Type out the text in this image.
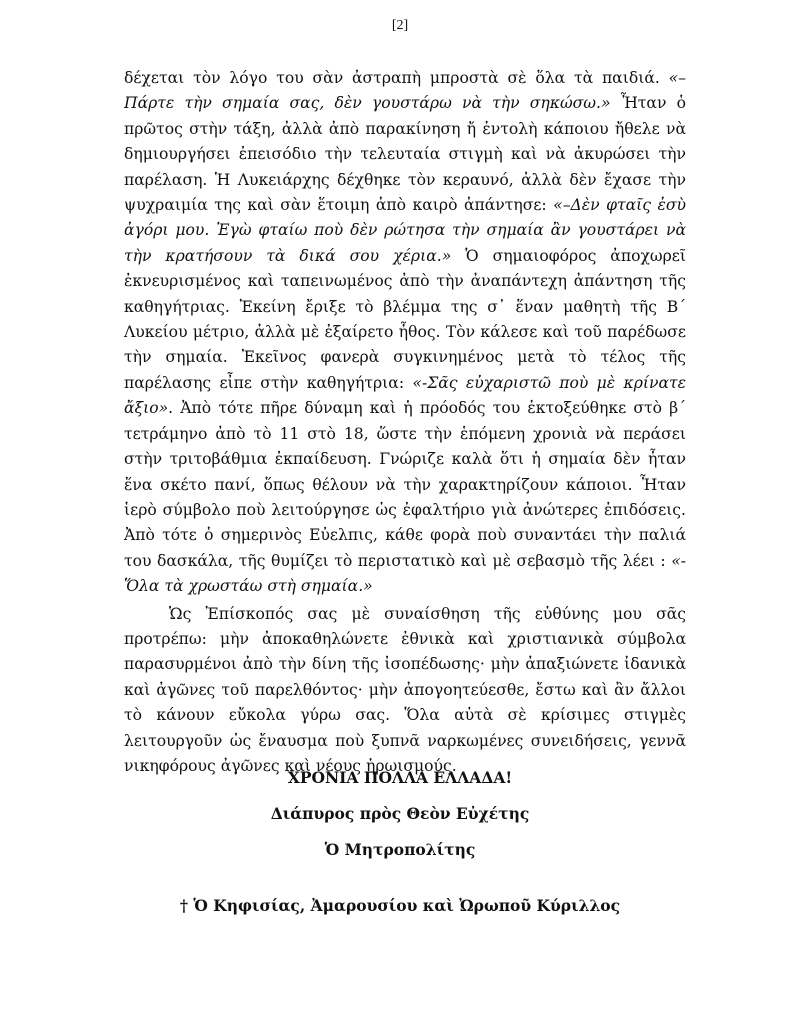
[2]

δέχεται τὸν λόγο του σὰν ἀστραπὴ μπροστὰ σὲ ὅλα τὰ παιδιά. «–Πάρτε τὴν σημαία σας, δὲν γουστάρω νὰ τὴν σηκώσω.» Ἦταν ὁ πρῶτος στὴν τάξη, ἀλλὰ ἀπὸ παρακίνηση ἤ ἐντολὴ κάποιου ἤθελε νὰ δημιουργήσει ἐπεισόδιο τὴν τελευταία στιγμὴ καὶ νὰ ἀκυρώσει τὴν παρέλαση. Ἡ Λυκειάρχης δέχθηκε τὸν κεραυνό, ἀλλὰ δὲν ἔχασε τὴν ψυχραιμία της καὶ σὰν ἕτοιμη ἀπὸ καιρὸ ἀπάντησε: «–Δὲν φταῖς ἐσὺ ἀγόρι μου. Ἐγὼ φταίω ποὺ δὲν ρώτησα τὴν σημαία ἂν γουστάρει νὰ τὴν κρατήσουν τὰ δικά σου χέρια.» Ὁ σημαιοφόρος ἀποχωρεῖ ἐκνευρισμένος καὶ ταπεινωμένος ἀπὸ τὴν ἀναπάντεχη ἀπάντηση τῆς καθηγήτριας. Ἐκείνη ἔριξε τὸ βλέμμα της σ᾽ ἕναν μαθητὴ τῆς Β΄ Λυκείου μέτριο, ἀλλὰ μὲ ἐξαίρετο ἦθος. Τὸν κάλεσε καὶ τοῦ παρέδωσε τὴν σημαία. Ἐκεῖνος φανερὰ συγκινημένος μετὰ τὸ τέλος τῆς παρέλασης εἶπε στὴν καθηγήτρια: «-Σᾶς εὐχαριστῶ ποὺ μὲ κρίνατε ἄξιο». Ἀπὸ τότε πῆρε δύναμη καὶ ἡ πρόοδός του ἐκτοξεύθηκε στὸ β΄ τετράμηνο ἀπὸ τὸ 11 στὸ 18, ὥστε τὴν ἑπόμενη χρονιὰ νὰ περάσει στὴν τριτοβάθμια ἐκπαίδευση. Γνώριζε καλὰ ὅτι ἡ σημαία δὲν ἦταν ἕνα σκέτο πανί, ὅπως θέλουν νὰ τὴν χαρακτηρίζουν κάποιοι. Ἦταν ἱερὸ σύμβολο ποὺ λειτούργησε ὡς ἐφαλτήριο γιὰ ἀνώτερες ἐπιδόσεις. Ἀπὸ τότε ὁ σημερινὸς Εὐελπις, κάθε φορὰ ποὺ συναντάει τὴν παλιά του δασκάλα, τῆς θυμίζει τὸ περιστατικὸ καὶ μὲ σεβασμὸ τῆς λέει : «-Ὅλα τὰ χρωστάω στὴ σημαία.»

Ὡς Ἐπίσκοπός σας μὲ συναίσθηση τῆς εὐθύνης μου σᾶς προτρέπω: μὴν ἀποκαθηλώνετε ἐθνικὰ καὶ χριστιανικὰ σύμβολα παρασυρμένοι ἀπὸ τὴν δίνη τῆς ἰσοπέδωσης· μὴν ἀπαξιώνετε ἰδανικὰ καὶ ἀγῶνες τοῦ παρελθόντος· μὴν ἀπογοητεύεσθε, ἔστω καὶ ἂν ἄλλοι τὸ κάνουν εὔκολα γύρω σας. Ὅλα αὐτὰ σὲ κρίσιμες στιγμὲς λειτουργοῦν ὡς ἔναυσμα ποὺ ξυπνᾶ ναρκωμένες συνειδήσεις, γεννᾶ νικηφόρους ἀγῶνες καὶ νέους ἡρωισμούς.

ΧΡΟΝΙΑ ΠΟΛΛΑ ΕΛΛΑΔΑ!
Διάπυρος πρὸς Θεὸν Εὐχέτης
Ὁ Μητροπολίτης
† Ὁ Κηφισίας, Ἀμαρουσίου καὶ Ὠρωποῦ Κύριλλος
